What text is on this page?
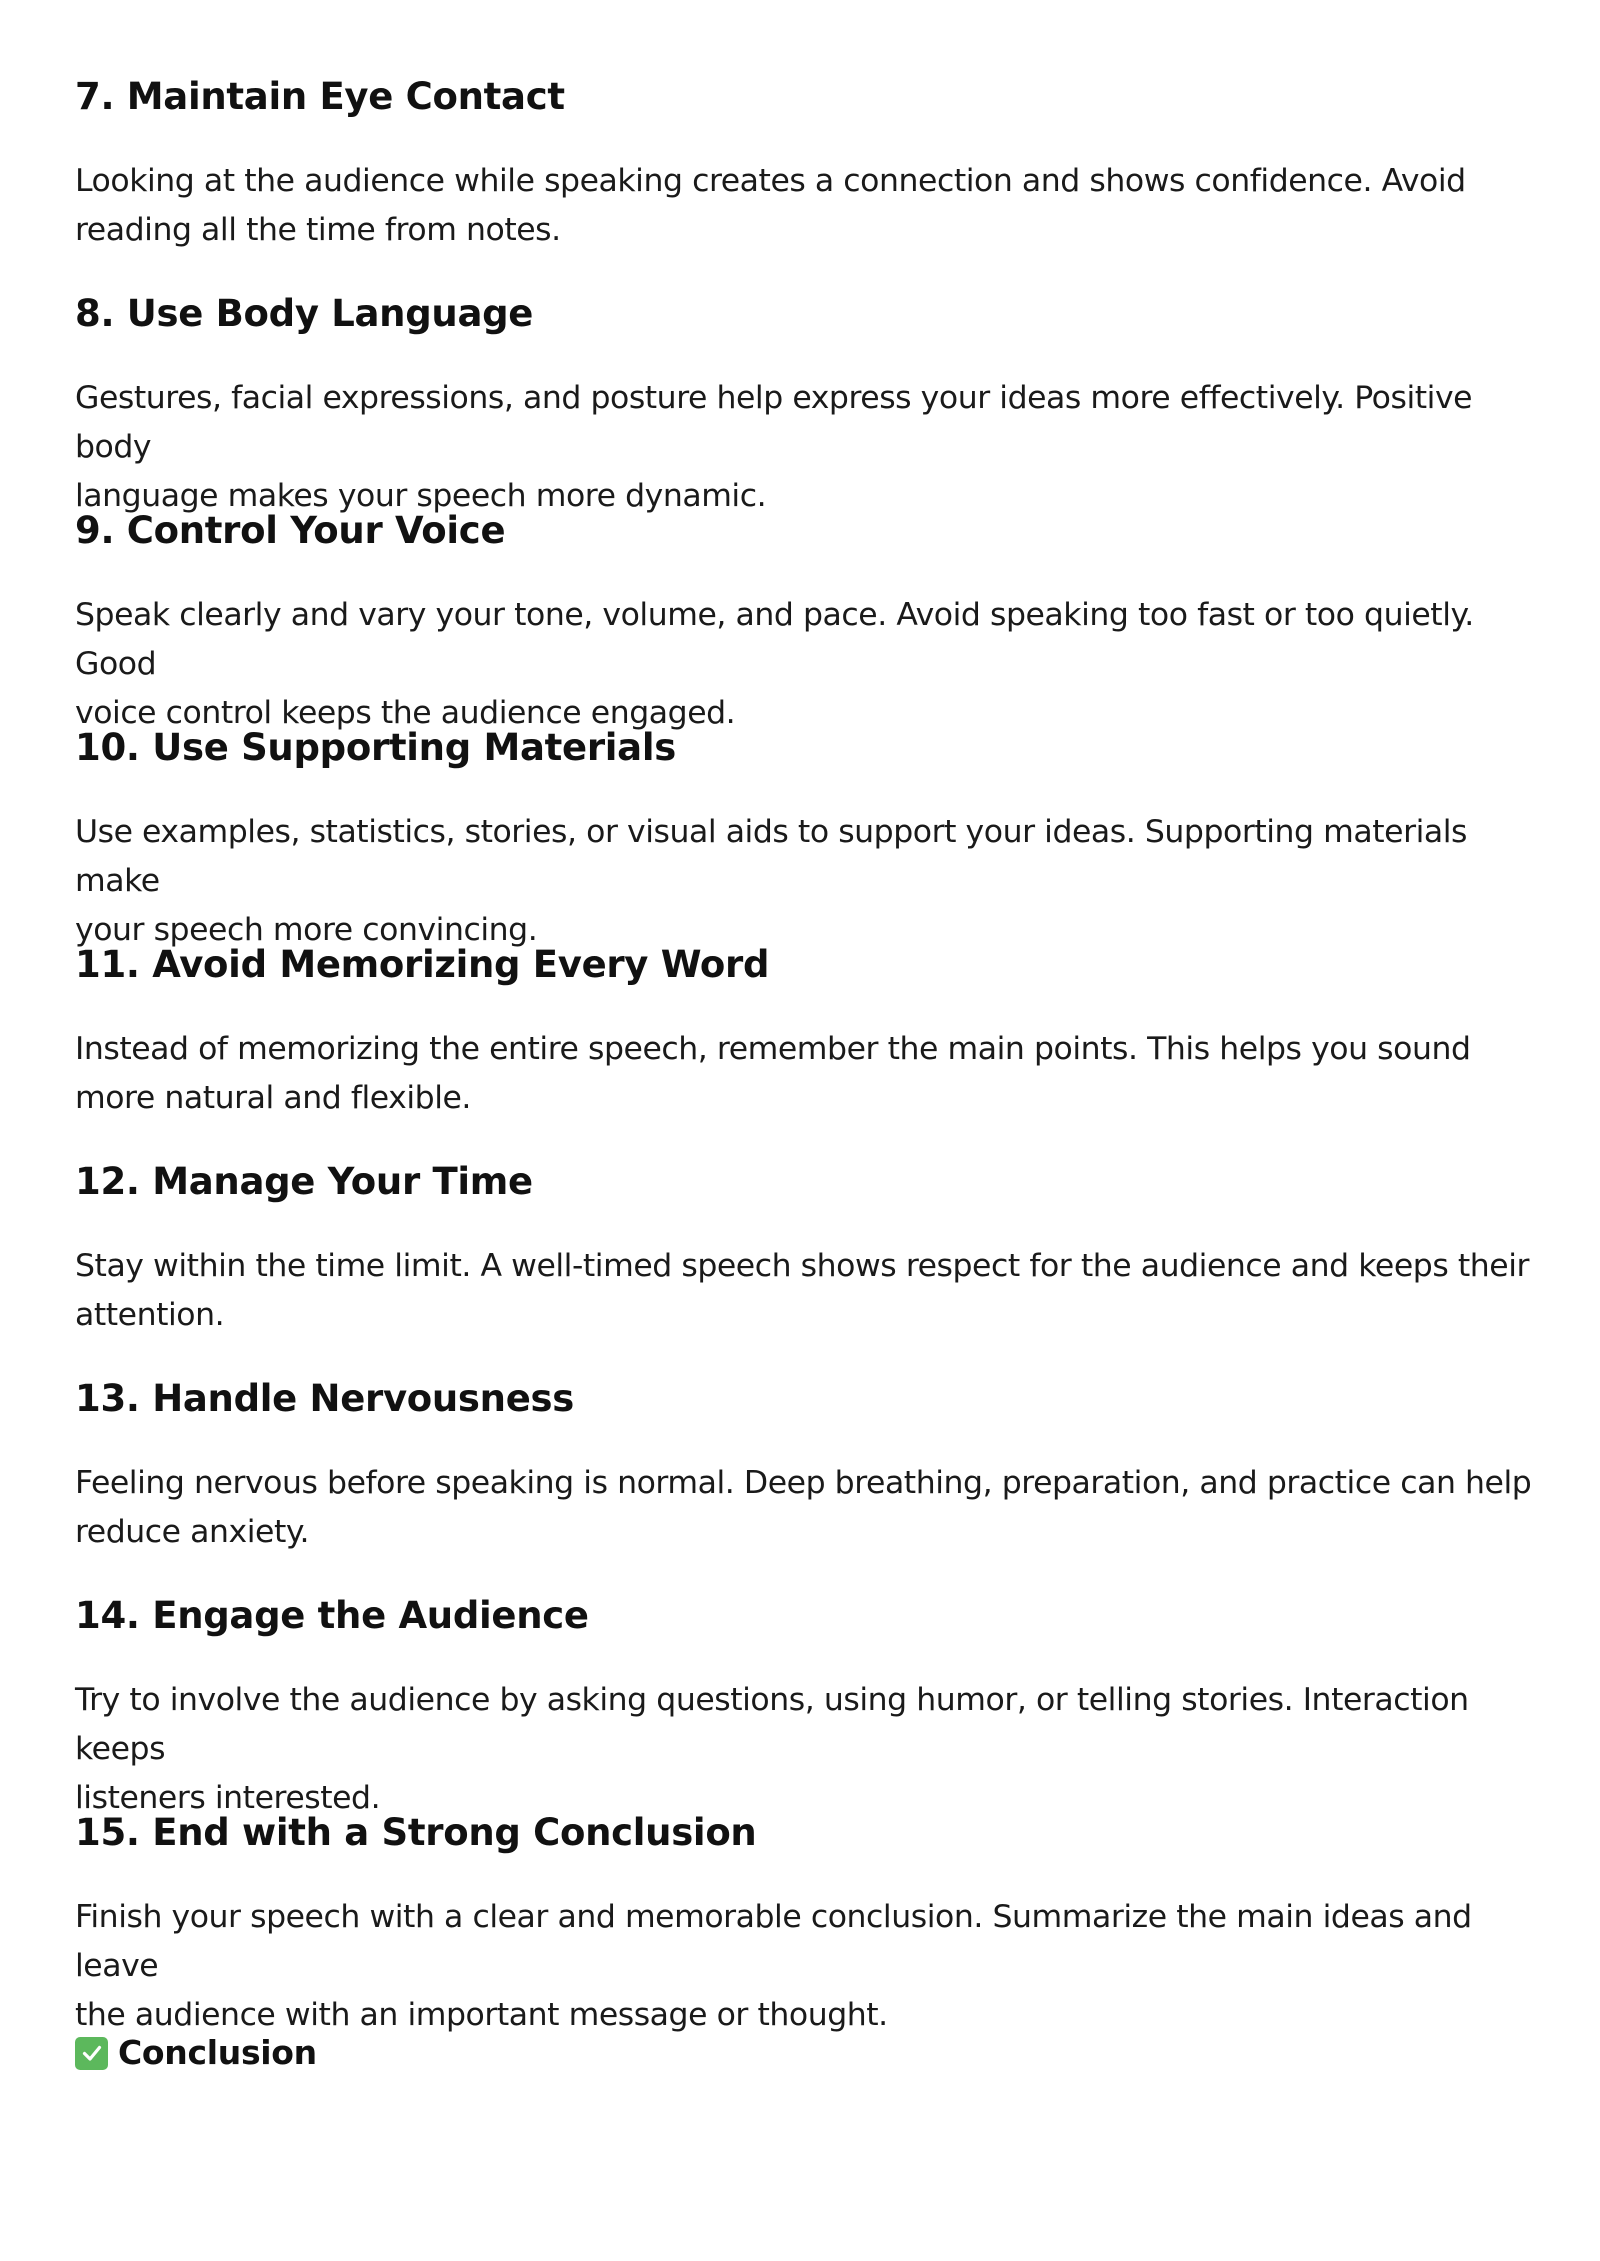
7. Maintain Eye Contact

Looking at the audience while speaking creates a connection and shows confidence. Avoid
reading all the time from notes.

8. Use Body Language

Gestures, facial expressions, and posture help express your ideas more effectively. Positive body
language makes your speech more dynamic.

9. Control Your Voice

Speak clearly and vary your tone, volume, and pace. Avoid speaking too fast or too quietly. Good
voice control keeps the audience engaged.

10. Use Supporting Materials

Use examples, statistics, stories, or visual aids to support your ideas. Supporting materials make
your speech more convincing.

11. Avoid Memorizing Every Word

Instead of memorizing the entire speech, remember the main points. This helps you sound
more natural and flexible.

12. Manage Your Time

Stay within the time limit. A well-timed speech shows respect for the audience and keeps their
attention.

13. Handle Nervousness

Feeling nervous before speaking is normal. Deep breathing, preparation, and practice can help
reduce anxiety.

14. Engage the Audience

Try to involve the audience by asking questions, using humor, or telling stories. Interaction keeps
listeners interested.

15. End with a Strong Conclusion

Finish your speech with a clear and memorable conclusion. Summarize the main ideas and leave
the audience with an important message or thought.

Conclusion
